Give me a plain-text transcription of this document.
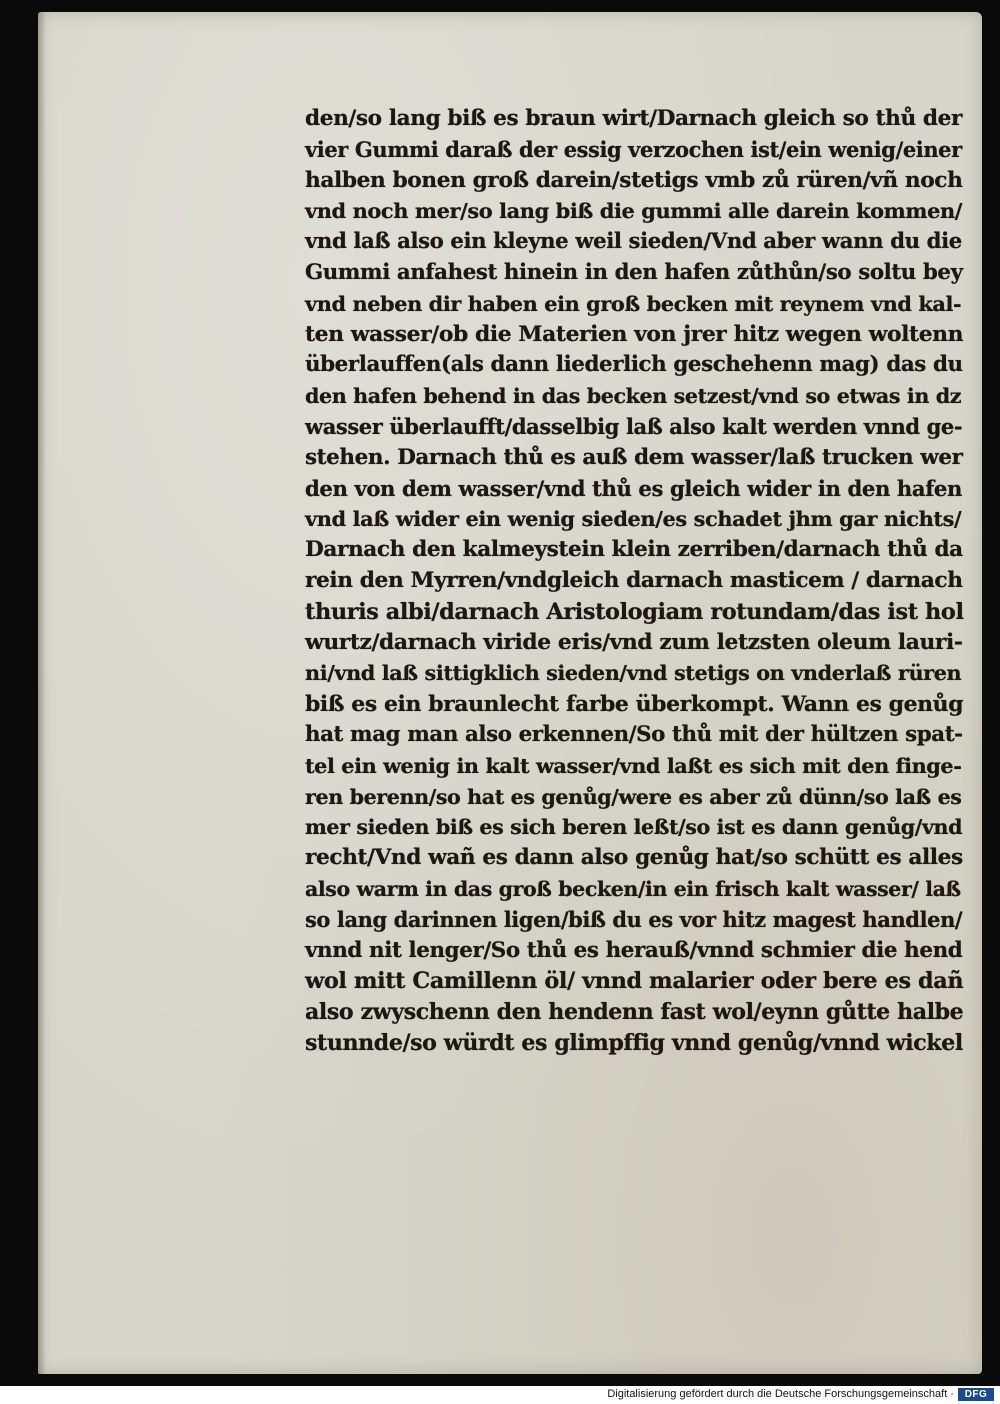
den/so lang biß es braun wirt/Darnach gleich so thů der
vier Gummi daraß der essig verzochen ist/ein wenig/einer
halben bonen groß darein/stetigs vmb zů rüren/vñ noch
vnd noch mer/so lang biß die gummi alle darein kommen/
vnd laß also ein kleyne weil sieden/Vnd aber wann du die
Gummi anfahest hinein in den hafen zůthůn/so soltu bey
vnd neben dir haben ein groß becken mit reynem vnd kal-
ten wasser/ob die Materien von jrer hitz wegen woltenn
überlauffen(als dann liederlich geschehenn mag) das du
den hafen behend in das becken setzest/vnd so etwas in dz
wasser überlaufft/dasselbig laß also kalt werden vnnd ge-
stehen. Darnach thů es auß dem wasser/laß trucken wer
den von dem wasser/vnd thů es gleich wider in den hafen
vnd laß wider ein wenig sieden/es schadet jhm gar nichts/
Darnach den kalmeystein klein zerriben/darnach thů da
rein den Myrren/vndgleich darnach masticem / darnach
thuris albi/darnach Aristologiam rotundam/das ist hol
wurtz/darnach viride eris/vnd zum letzsten oleum lauri-
ni/vnd laß sittigklich sieden/vnd stetigs on vnderlaß rüren
biß es ein braunlecht farbe überkompt. Wann es genůg
hat mag man also erkennen/So thů mit der hültzen spat-
tel ein wenig in kalt wasser/vnd laßt es sich mit den finge-
ren berenn/so hat es genůg/were es aber zů dünn/so laß es
mer sieden biß es sich beren leßt/so ist es dann genůg/vnd
recht/Vnd wañ es dann also genůg hat/so schütt es alles
also warm in das groß becken/in ein frisch kalt wasser/ laß
so lang darinnen ligen/biß du es vor hitz magest handlen/
vnnd nit lenger/So thů es herauß/vnnd schmier die hend
wol mitt Camillenn öl/ vnnd malarier oder bere es dañ
also zwyschenn den hendenn fast wol/eynn gůtte halbe
stunnde/so würdt es glimpffig vnnd genůg/vnnd wickel
Digitalisierung gefördert durch die Deutsche Forschungsgemeinschaft ·	DFG
